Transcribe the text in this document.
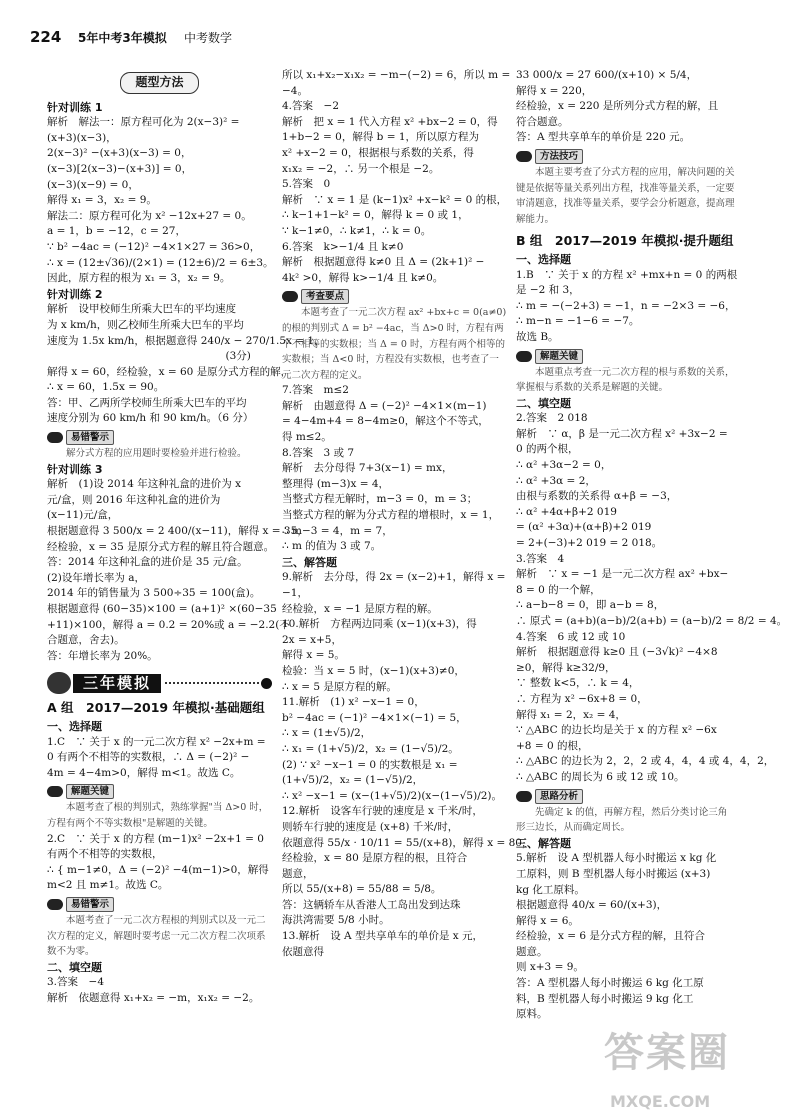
224 5年中考3年模拟 中考数学
题型方法
针对训练 1
解析　解法一：原方程可化为 2(x−3)² =
(x+3)(x−3)，
2(x−3)² −(x+3)(x−3) = 0，
(x−3)[2(x−3)−(x+3)] = 0，
(x−3)(x−9) = 0，
解得 x₁ = 3，x₂ = 9。
解法二：原方程可化为 x² −12x+27 = 0。
a = 1，b = −12，c = 27，
∵ b² −4ac = (−12)² −4×1×27 = 36>0，
∴ x = (12±√36)/(2×1) = (12±6)/2 = 6±3。
因此，原方程的根为 x₁ = 3，x₂ = 9。
针对训练 2
解析　设甲校师生所乘大巴车的平均速度
为 x km/h，则乙校师生所乘大巴车的平均
速度为 1.5x km/h，根据题意得 240/x − 270/1.5x = 1，
　　　　　　　　　　　　　　　　　(3分)
解得 x = 60，经检验，x = 60 是原分式方程的解，
∴ x = 60，1.5x = 90。
答：甲、乙两所学校师生所乘大巴车的平均
速度分别为 60 km/h 和 90 km/h。（6 分）
易错警示
　　解分式方程的应用题时要检验并进行检验。
针对训练 3
解析　(1)设 2014 年这种礼盒的进价为 x
元/盒，则 2016 年这种礼盒的进价为
(x−11)元/盒，
根据题意得 3 500/x = 2 400/(x−11)，解得 x = 35，
经检验，x = 35 是原分式方程的解且符合题意。
答：2014 年这种礼盒的进价是 35 元/盒。
(2)设年增长率为 a，
2014 年的销售量为 3 500÷35 = 100(盒)。
根据题意得 (60−35)×100 = (a+1)² ×(60−35
+11)×100，解得 a = 0.2 = 20%或 a = −2.2(不
合题意，舍去)。
答：年增长率为 20%。
三年模拟
A 组　2017—2019 年模拟·基础题组
一、选择题
1.C　∵ 关于 x 的一元二次方程 x² −2x+m =
0 有两个不相等的实数根，∴ Δ = (−2)² −
4m = 4−4m>0，解得 m<1。故选 C。
解题关键
　　本题考查了根的判别式，熟练掌握"当 Δ>0 时，方程有两个不等实数根"是解题的关键。
2.C　∵ 关于 x 的方程 (m−1)x² −2x+1 = 0
有两个不相等的实数根，
∴ { m−1≠0，Δ = (−2)² −4(m−1)>0，解得
m<2 且 m≠1。故选 C。
易错警示
　　本题考查了一元二次方程根的判别式以及一元二次方程的定义，解题时要考虑一元二次方程二次项系数不为零。
二、填空题
3.答案　−4
解析　依题意得 x₁+x₂ = −m，x₁x₂ = −2。
所以 x₁+x₂−x₁x₂ = −m−(−2) = 6，所以 m =
−4。
4.答案　−2
解析　把 x = 1 代入方程 x² +bx−2 = 0，得
1+b−2 = 0，解得 b = 1，所以原方程为
x² +x−2 = 0，根据根与系数的关系，得
x₁x₂ = −2，∴ 另一个根是 −2。
5.答案　0
解析　∵ x = 1 是 (k−1)x² +x−k² = 0 的根，
∴ k−1+1−k² = 0，解得 k = 0 或 1，
∵ k−1≠0，∴ k≠1，∴ k = 0。
6.答案　k>−1/4 且 k≠0
解析　根据题意得 k≠0 且 Δ = (2k+1)² −
4k² >0，解得 k>−1/4 且 k≠0。
考查要点
　　本题考查了一元二次方程 ax² +bx+c = 0(a≠0) 的根的判别式 Δ = b² −4ac，当 Δ>0 时，方程有两个不相等的实数根；当 Δ = 0 时，方程有两个相等的实数根；当 Δ<0 时，方程没有实数根，也考查了一元二次方程的定义。
7.答案　m≤2
解析　由题意得 Δ = (−2)² −4×1×(m−1)
= 4−4m+4 = 8−4m≥0，解这个不等式，
得 m≤2。
8.答案　3 或 7
解析　去分母得 7+3(x−1) = mx，
整理得 (m−3)x = 4，
当整式方程无解时，m−3 = 0，m = 3；
当整式方程的解为分式方程的增根时，x = 1，
∴ m−3 = 4，m = 7，
∴ m 的值为 3 或 7。
三、解答题
9.解析　去分母，得 2x = (x−2)+1，解得 x =
−1，
经检验，x = −1 是原方程的解。
10.解析　方程两边同乘 (x−1)(x+3)，得
2x = x+5，
解得 x = 5。
检验：当 x = 5 时，(x−1)(x+3)≠0，
∴ x = 5 是原方程的解。
11.解析　(1) x² −x−1 = 0，
b² −4ac = (−1)² −4×1×(−1) = 5，
∴ x = (1±√5)/2，
∴ x₁ = (1+√5)/2，x₂ = (1−√5)/2。
(2) ∵ x² −x−1 = 0 的实数根是 x₁ =
(1+√5)/2，x₂ = (1−√5)/2，
∴ x² −x−1 = (x−(1+√5)/2)(x−(1−√5)/2)。
12.解析　设客车行驶的速度是 x 千米/时，
则轿车行驶的速度是 (x+8) 千米/时，
依题意得 55/x · 10/11 = 55/(x+8)，解得 x = 80，
经检验，x = 80 是原方程的根，且符合
题意，
所以 55/(x+8) = 55/88 = 5/8。
答：这辆轿车从香港人工岛出发到达珠
海洪湾需要 5/8 小时。
13.解析　设 A 型共享单车的单价是 x 元，
依题意得
33 000/x = 27 600/(x+10) × 5/4，
解得 x = 220，
经检验，x = 220 是所列分式方程的解，且
符合题意。
答：A 型共享单车的单价是 220 元。
方法技巧
　　本题主要考查了分式方程的应用，解决问题的关键是依据等量关系列出方程，找准等量关系，一定要审清题意，找准等量关系，要学会分析题意，提高理解能力。
B 组　2017—2019 年模拟·提升题组
一、选择题
1.B　∵ 关于 x 的方程 x² +mx+n = 0 的两根
是 −2 和 3，
∴ m = −(−2+3) = −1，n = −2×3 = −6，
∴ m−n = −1−6 = −7。
故选 B。
解题关键
　　本题重点考查一元二次方程的根与系数的关系，掌握根与系数的关系是解题的关键。
二、填空题
2.答案　2 018
解析　∵ α，β 是一元二次方程 x² +3x−2 =
0 的两个根，
∴ α² +3α−2 = 0，
∴ α² +3α = 2，
由根与系数的关系得 α+β = −3，
∴ α² +4α+β+2 019
= (α² +3α)+(α+β)+2 019
= 2+(−3)+2 019 = 2 018。
3.答案　4
解析　∵ x = −1 是一元二次方程 ax² +bx−
8 = 0 的一个解，
∴ a−b−8 = 0，即 a−b = 8，
∴ 原式 = (a+b)(a−b)/2(a+b) = (a−b)/2 = 8/2 = 4。
4.答案　6 或 12 或 10
解析　根据题意得 k≥0 且 (−3√k)² −4×8
≥0，解得 k≥32/9，
∵ 整数 k<5，∴ k = 4，
∴ 方程为 x² −6x+8 = 0，
解得 x₁ = 2，x₂ = 4，
∵ △ABC 的边长均是关于 x 的方程 x² −6x
+8 = 0 的根，
∴ △ABC 的边长为 2，2，2 或 4，4，4 或 4，4，2，
∴ △ABC 的周长为 6 或 12 或 10。
思路分析
　　先确定 k 的值，再解方程，然后分类讨论三角形三边长，从而确定周长。
三、解答题
5.解析　设 A 型机器人每小时搬运 x kg 化
工原料，则 B 型机器人每小时搬运 (x+3)
kg 化工原料。
根据题意得 40/x = 60/(x+3)，
解得 x = 6。
经检验，x = 6 是分式方程的解，且符合
题意。
则 x+3 = 9。
答：A 型机器人每小时搬运 6 kg 化工原
料，B 型机器人每小时搬运 9 kg 化工
原料。
答案圈
MXQE.COM
